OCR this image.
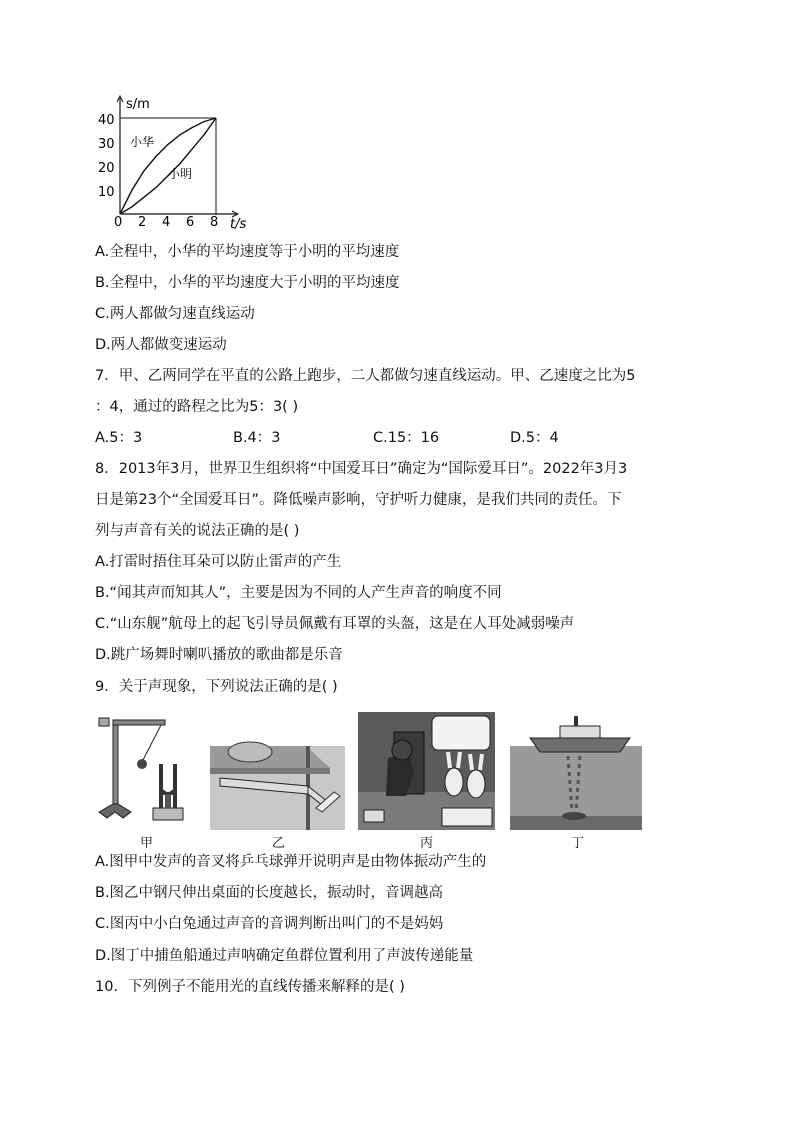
s/m
t/s
40
30
20
10
0 2 4 6 8
小华
小明
A.全程中，小华的平均速度等于小明的平均速度
B.全程中，小华的平均速度大于小明的平均速度
C.两人都做匀速直线运动
D.两人都做变速运动
7．甲、乙两同学在平直的公路上跑步，二人都做匀速直线运动。甲、乙速度之比为5
：4，通过的路程之比为5：3( )
A.5：3	B.4：3	C.15：16	D.5：4
8．2013年3月，世界卫生组织将“中国爱耳日”确定为“国际爱耳日”。2022年3月3
日是第23个“全国爱耳日”。降低噪声影响，守护听力健康，是我们共同的责任。下
列与声音有关的说法正确的是( )
A.打雷时捂住耳朵可以防止雷声的产生
B.“闻其声而知其人”，主要是因为不同的人产生声音的响度不同
C.“山东舰”航母上的起飞引导员佩戴有耳罩的头盔，这是在人耳处减弱噪声
D.跳广场舞时喇叭播放的歌曲都是乐音
9．关于声现象，下列说法正确的是( )
甲	乙	丙	丁
A.图甲中发声的音叉将乒乓球弹开说明声是由物体振动产生的
B.图乙中钢尺伸出桌面的长度越长，振动时，音调越高
C.图丙中小白兔通过声音的音调判断出叫门的不是妈妈
D.图丁中捕鱼船通过声呐确定鱼群位置利用了声波传递能量
10．下列例子不能用光的直线传播来解释的是( )
